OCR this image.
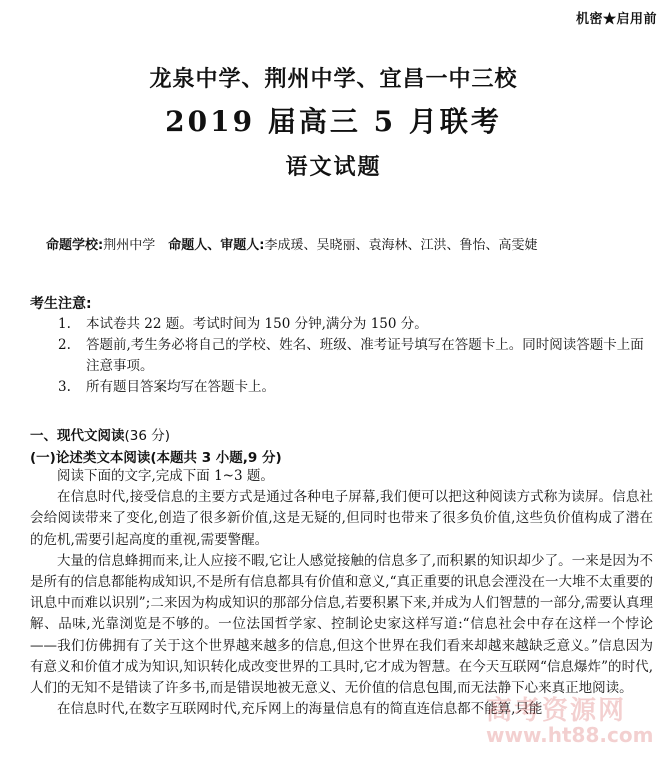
机密★启用前
龙泉中学、荆州中学、宜昌一中三校
2019 届高三 5 月联考
语文试题
命题学校:荆州中学　 命题人、审题人:李成瑗、吴晓丽、袁海林、江洪、鲁怡、高雯婕
考生注意:
1.	本试卷共 22 题。考试时间为 150 分钟,满分为 150 分。
2.	答题前,考生务必将自己的学校、姓名、班级、准考证号填写在答题卡上。同时阅读答题卡上面注意事项。
3.	所有题目答案均写在答题卡上。
一、现代文阅读(36 分)
(一)论述类文本阅读(本题共 3 小题,9 分)

阅读下面的文字,完成下面 1~3 题。

在信息时代,接受信息的主要方式是通过各种电子屏幕,我们便可以把这种阅读方式称为读屏。信息社会给阅读带来了变化,创造了很多新价值,这是无疑的,但同时也带来了很多负价值,这些负价值构成了潜在的危机,需要引起高度的重视,需要警醒。

大量的信息蜂拥而来,让人应接不暇,它让人感觉接触的信息多了,而积累的知识却少了。一来是因为不是所有的信息都能构成知识,不是所有信息都具有价值和意义,“真正重要的讯息会湮没在一大堆不太重要的讯息中而难以识别”;二来因为构成知识的那部分信息,若要积累下来,并成为人们智慧的一部分,需要认真理解、品味,光靠浏览是不够的。一位法国哲学家、控制论史家这样写道:“信息社会中存在这样一个悖论——我们仿佛拥有了关于这个世界越来越多的信息,但这个世界在我们看来却越来越缺乏意义。”信息因为有意义和价值才成为知识,知识转化成改变世界的工具时,它才成为智慧。在今天互联网“信息爆炸”的时代,人们的无知不是错读了许多书,而是错误地被无意义、无价值的信息包围,而无法静下心来真正地阅读。

在信息时代,在数字互联网时代,充斥网上的海量信息有的简直连信息都不能算,只能

高考资源网
www.ht88.com
